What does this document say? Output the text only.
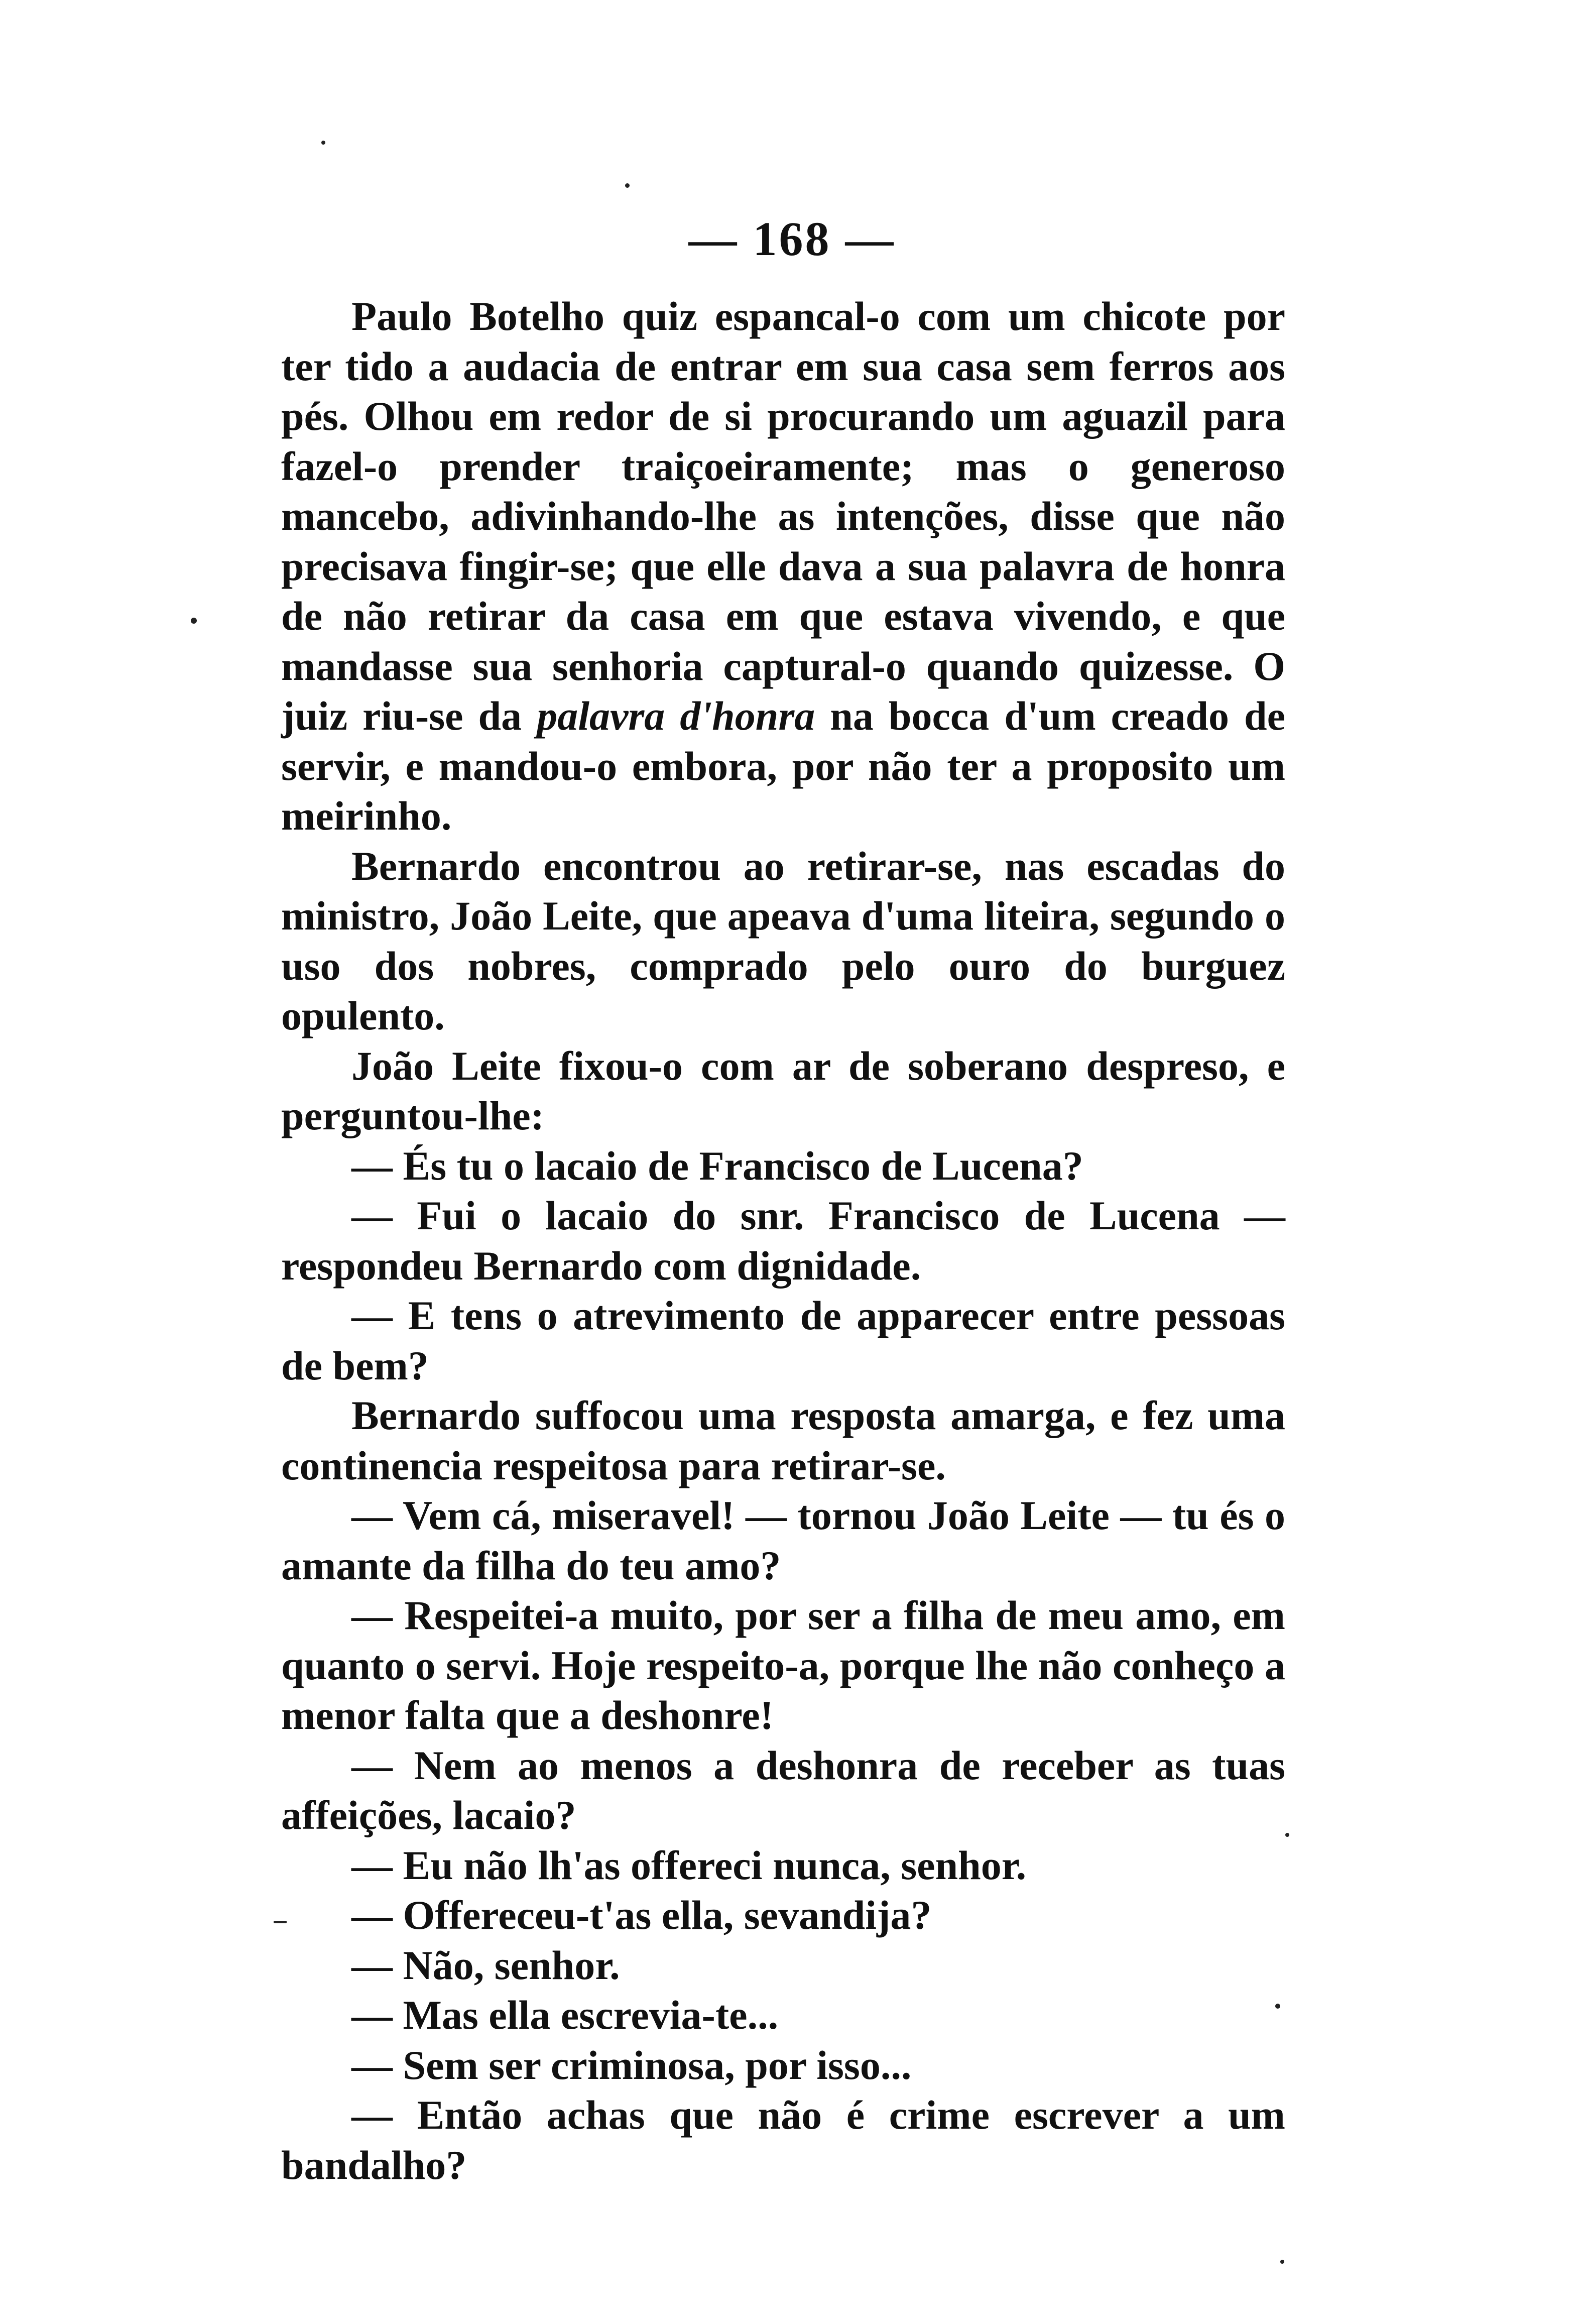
— 168 —

Paulo Botelho quiz espancal-o com um chicote por ter tido a audacia de entrar em sua casa sem ferros aos pés. Olhou em redor de si procurando um aguazil para fazel-o prender traiçoeiramente; mas o generoso mancebo, adivinhando-lhe as intenções, disse que não precisava fingir-se; que elle dava a sua palavra de honra de não retirar da casa em que estava vivendo, e que mandasse sua senhoria captural-o quando quizesse. O juiz riu-se da palavra d'honra na bocca d'um creado de servir, e mandou-o embora, por não ter a proposito um meirinho.

Bernardo encontrou ao retirar-se, nas escadas do ministro, João Leite, que apeava d'uma liteira, segundo o uso dos nobres, comprado pelo ouro do burguez opulento.

João Leite fixou-o com ar de soberano despreso, e perguntou-lhe:

— És tu o lacaio de Francisco de Lucena?

— Fui o lacaio do snr. Francisco de Lucena — respondeu Bernardo com dignidade.

— E tens o atrevimento de apparecer entre pessoas de bem?

Bernardo suffocou uma resposta amarga, e fez uma continencia respeitosa para retirar-se.

— Vem cá, miseravel! — tornou João Leite — tu és o amante da filha do teu amo?

— Respeitei-a muito, por ser a filha de meu amo, em quanto o servi. Hoje respeito-a, porque lhe não conheço a menor falta que a deshonre!

— Nem ao menos a deshonra de receber as tuas affeições, lacaio?

— Eu não lh'as offereci nunca, senhor.

— Offereceu-t'as ella, sevandija?

— Não, senhor.

— Mas ella escrevia-te...

— Sem ser criminosa, por isso...

— Então achas que não é crime escrever a um bandalho?
